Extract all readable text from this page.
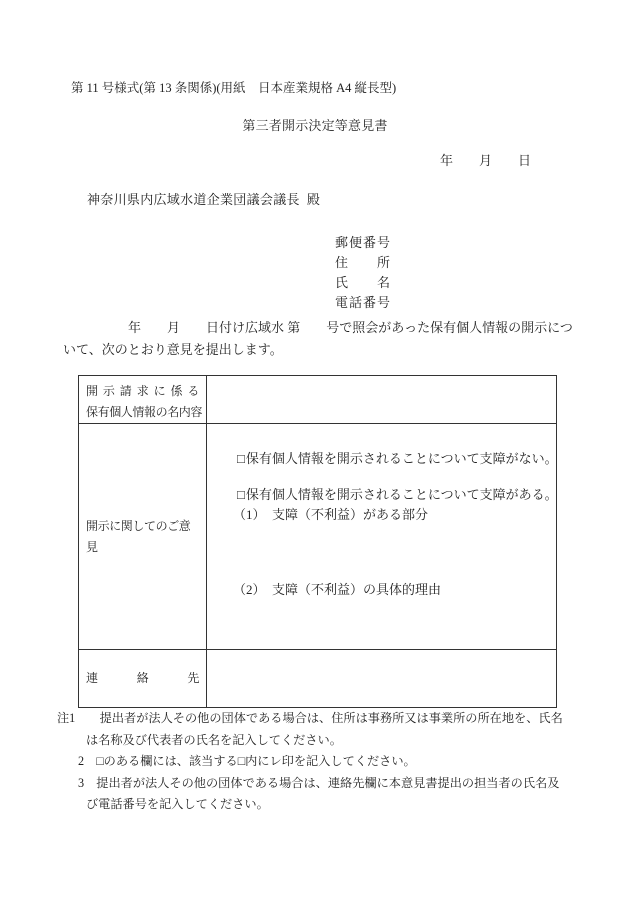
第 11 号様式(第 13 条関係)(用紙　日本産業規格 A4 縦長型)
第三者開示決定等意見書
年　　月　　日
神奈川県内広域水道企業団議会議長  殿
郵便番号
住所
氏名
電話番号
　　　　　年　　月　　日付け広域水 第　　号で照会があった保有個人情報の開示につ
いて、次のとおり意見を提出します。
開示請求に係る
保有個人情報の名内容
開示に関してのご意見

□保有個人情報を開示されることについて支障がない。

□保有個人情報を開示されることについて支障がある。

（1）　支障（不利益）がある部分
（2）　支障（不利益）の具体的理由
連絡先
注1　　提出者が法人その他の団体である場合は、住所は事務所又は事業所の所在地を、氏名
は名称及び代表者の氏名を記入してください。
2　□のある欄には、該当する□内にレ印を記入してください。
3　提出者が法人その他の団体である場合は、連絡先欄に本意見書提出の担当者の氏名及
び電話番号を記入してください。
